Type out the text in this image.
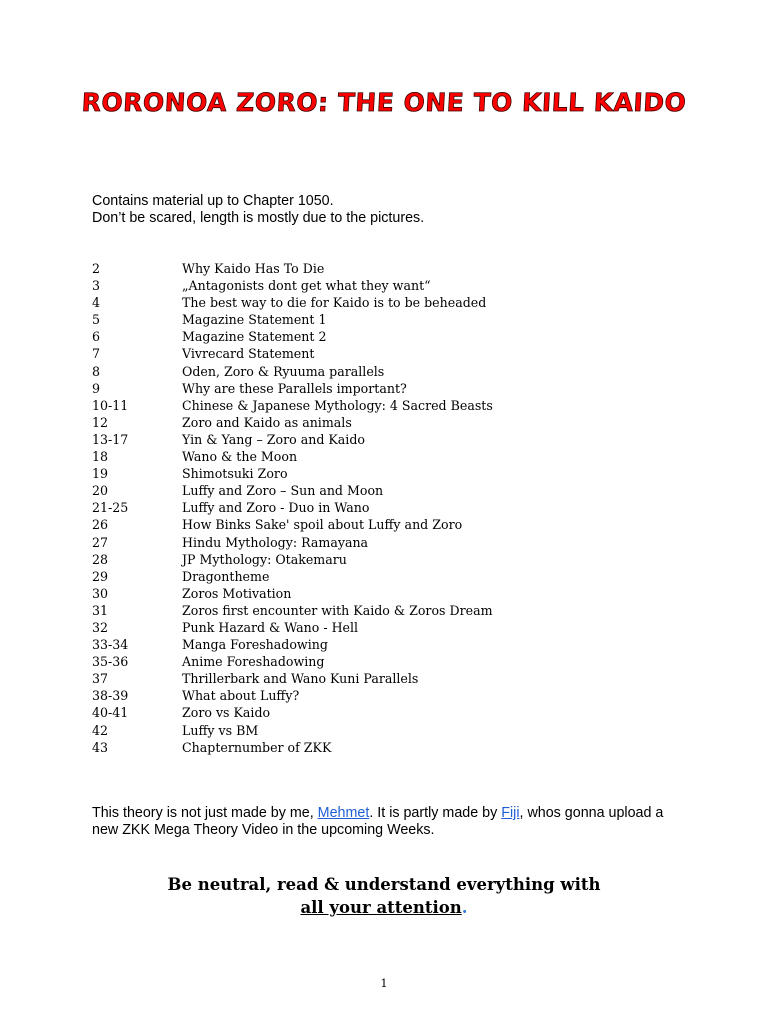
RORONOA ZORO: THE ONE TO KILL KAIDO
Contains material up to Chapter 1050.
Don’t be scared, length is mostly due to the pictures.
2	Why Kaido Has To Die
3	„Antagonists dont get what they want“
4	The best way to die for Kaido is to be beheaded
5	Magazine Statement 1
6	Magazine Statement 2
7	Vivrecard Statement
8	Oden, Zoro & Ryuuma parallels
9	Why are these Parallels important?
10-11	Chinese & Japanese Mythology: 4 Sacred Beasts
12	Zoro and Kaido as animals
13-17	Yin & Yang – Zoro and Kaido
18	Wano & the Moon
19	Shimotsuki Zoro
20	Luffy and Zoro – Sun and Moon
21-25	Luffy and Zoro - Duo in Wano
26	How Binks Sake' spoil about Luffy and Zoro
27	Hindu Mythology: Ramayana
28	JP Mythology: Otakemaru
29	Dragontheme
30	Zoros Motivation
31	Zoros first encounter with Kaido & Zoros Dream
32	Punk Hazard & Wano - Hell
33-34	Manga Foreshadowing
35-36	Anime Foreshadowing
37	Thrillerbark and Wano Kuni Parallels
38-39	What about Luffy?
40-41	Zoro vs Kaido
42	Luffy vs BM
43	Chapternumber of ZKK
This theory is not just made by me, Mehmet. It is partly made by Fiji, whos gonna upload a new ZKK Mega Theory Video in the upcoming Weeks.
Be neutral, read & understand everything with
all your attention.
1
